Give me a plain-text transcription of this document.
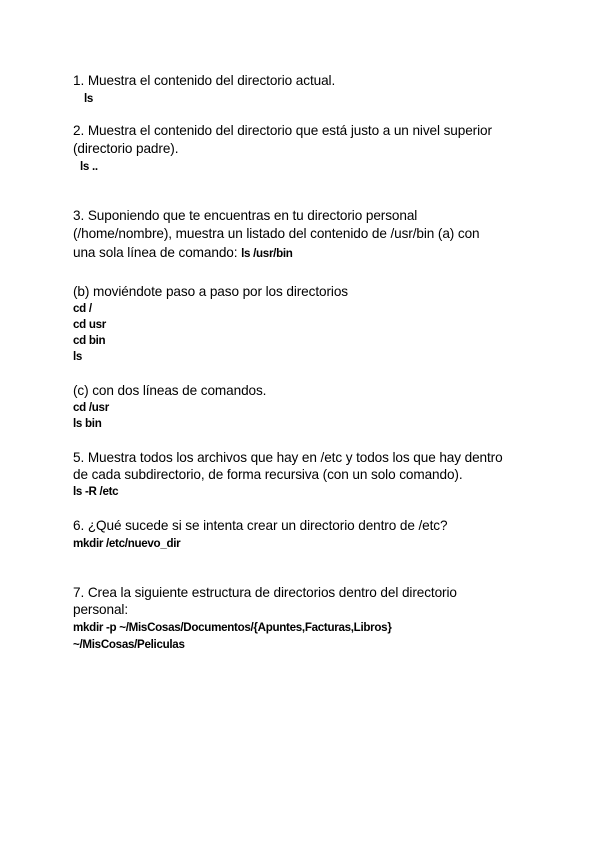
1. Muestra el contenido del directorio actual.
ls
2. Muestra el contenido del directorio que está justo a un nivel superior
(directorio padre).
ls ..
3. Suponiendo que te encuentras en tu directorio personal
(/home/nombre), muestra un listado del contenido de /usr/bin (a) con
una sola línea de comando: ls /usr/bin
(b) moviéndote paso a paso por los directorios
cd /
cd usr
cd bin
ls
(c) con dos líneas de comandos.
cd /usr
ls bin
5. Muestra todos los archivos que hay en /etc y todos los que hay dentro
de cada subdirectorio, de forma recursiva (con un solo comando).
ls -R /etc
6. ¿Qué sucede si se intenta crear un directorio dentro de /etc?
mkdir /etc/nuevo_dir
7. Crea la siguiente estructura de directorios dentro del directorio
personal:
mkdir -p ~/MisCosas/Documentos/{Apuntes,Facturas,Libros}
~/MisCosas/Peliculas
